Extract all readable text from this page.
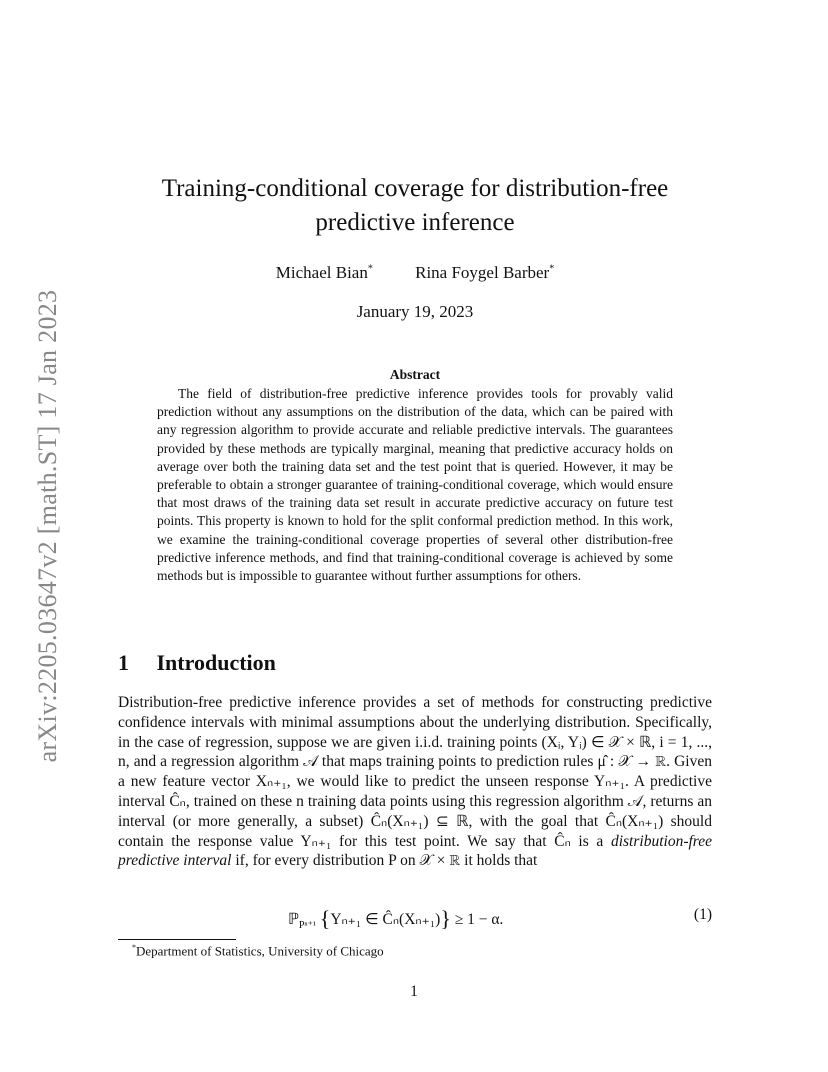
arXiv:2205.03647v2 [math.ST] 17 Jan 2023
Training-conditional coverage for distribution-free
predictive inference
Michael Bian* Rina Foygel Barber*
January 19, 2023
Abstract

The field of distribution-free predictive inference provides tools for provably valid prediction without any assumptions on the distribution of the data, which can be paired with any regression algorithm to provide accurate and reliable predictive intervals. The guarantees provided by these methods are typically marginal, meaning that predictive accuracy holds on average over both the training data set and the test point that is queried. However, it may be preferable to obtain a stronger guarantee of training-conditional coverage, which would ensure that most draws of the training data set result in accurate predictive accuracy on future test points. This property is known to hold for the split conformal prediction method. In this work, we examine the training-conditional coverage properties of several other distribution-free predictive inference methods, and find that training-conditional coverage is achieved by some methods but is impossible to guarantee without further assumptions for others.

1 Introduction

Distribution-free predictive inference provides a set of methods for constructing predictive confidence intervals with minimal assumptions about the underlying distribution. Specifically, in the case of regression, suppose we are given i.i.d. training points (Xᵢ, Yᵢ) ∈ 𝒳 × ℝ, i = 1, ..., n, and a regression algorithm 𝒜 that maps training points to prediction rules μ̂ : 𝒳 → ℝ. Given a new feature vector Xₙ₊₁, we would like to predict the unseen response Yₙ₊₁. A predictive interval Ĉₙ, trained on these n training data points using this regression algorithm 𝒜, returns an interval (or more generally, a subset) Ĉₙ(Xₙ₊₁) ⊆ ℝ, with the goal that Ĉₙ(Xₙ₊₁) should contain the response value Yₙ₊₁ for this test point. We say that Ĉₙ is a distribution-free predictive interval if, for every distribution P on 𝒳 × ℝ it holds that

ℙ$_{P^{n+1}}$ {Yₙ₊₁ ∈ Ĉₙ(Xₙ₊₁)} ≥ 1 − α.	(1)
*Department of Statistics, University of Chicago
1
